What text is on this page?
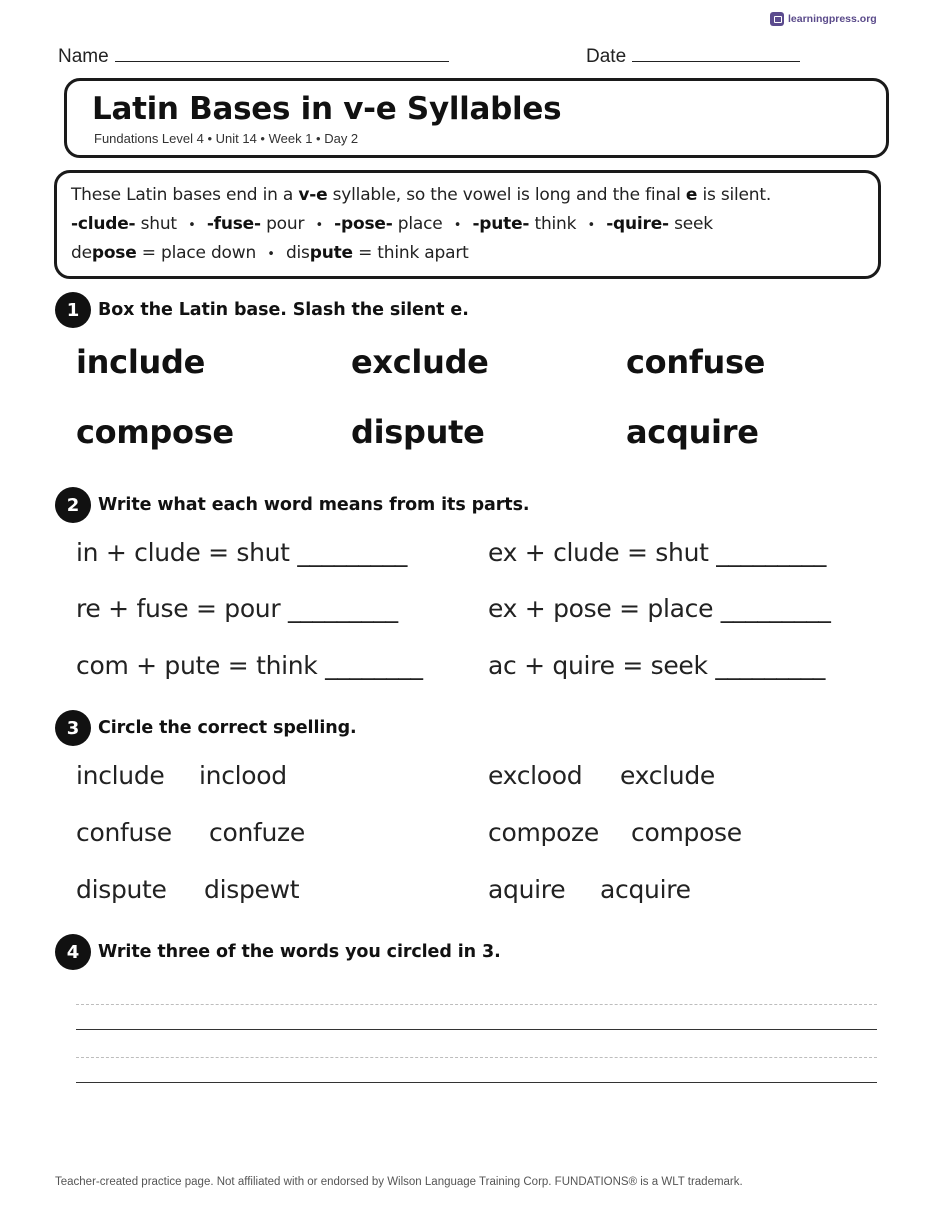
learningpress.org
Name	Date
Latin Bases in v-e Syllables
Fundations Level 4 • Unit 14 • Week 1 • Day 2
These Latin bases end in a v-e syllable, so the vowel is long and the final e is silent.
-clude- shut • -fuse- pour • -pose- place • -pute- think • -quire- seek
depose = place down • dispute = think apart
1	Box the Latin base. Slash the silent e.
include	exclude	confuse
compose	dispute	acquire
2	Write what each word means from its parts.
in + clude = shut _________	ex + clude = shut _________
re + fuse = pour _________	ex + pose = place _________
com + pute = think ________	ac + quire = seek _________
3	Circle the correct spelling.
include inclood	exclood exclude
confuse confuze	compoze compose
dispute dispewt	aquire acquire
4	Write three of the words you circled in 3.
Teacher-created practice page. Not affiliated with or endorsed by Wilson Language Training Corp. FUNDATIONS® is a WLT trademark.
